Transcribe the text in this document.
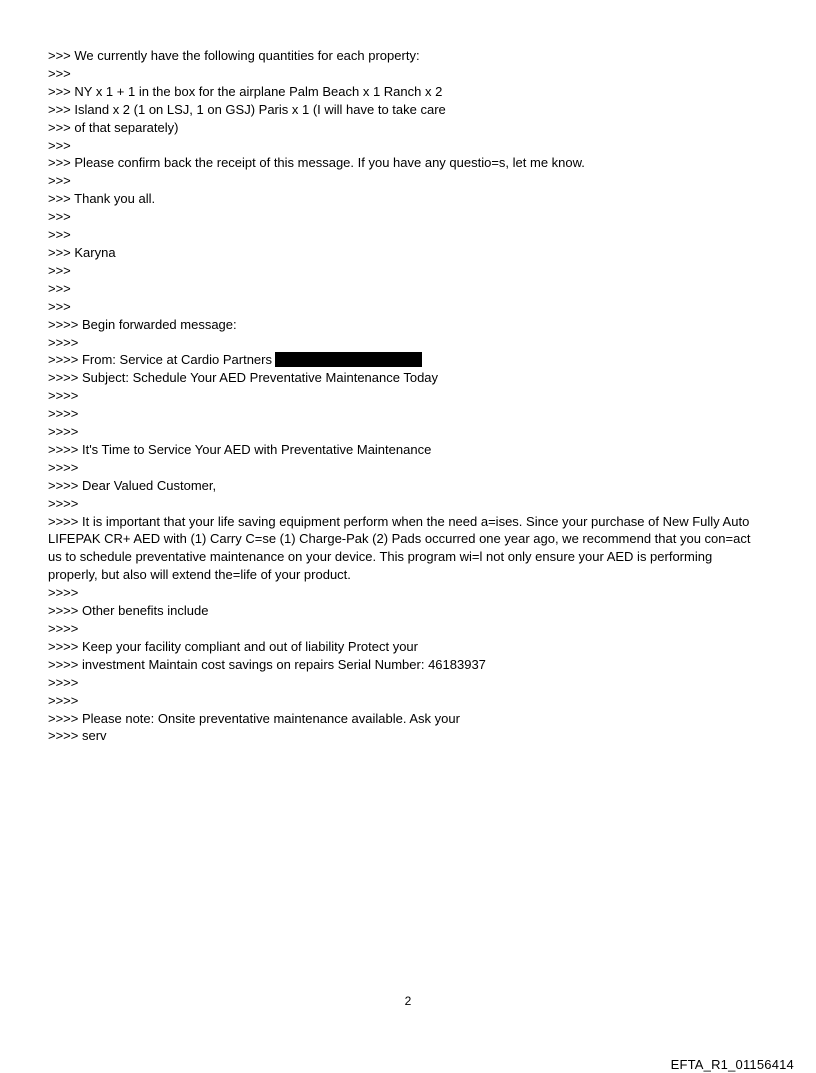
>>> We currently have the following quantities for each property:
>>>
>>> NY x 1 + 1 in the box for the airplane Palm Beach x 1 Ranch x 2
>>> Island x 2 (1 on LSJ, 1 on GSJ) Paris x 1 (I will have to take care
>>> of that separately)
>>>
>>> Please confirm back the receipt of this message. If you have any questio=s, let me know.
>>>
>>> Thank you all.
>>>
>>>
>>> Karyna
>>>
>>>
>>>
>>>> Begin forwarded message:
>>>>
>>>> From: Service at Cardio Partners
>>>> Subject: Schedule Your AED Preventative Maintenance Today
>>>>
>>>>
>>>>
>>>> It's Time to Service Your AED with Preventative Maintenance
>>>>
>>>> Dear Valued Customer,
>>>>
>>>> It is important that your life saving equipment perform when the need a=ises. Since your purchase of New Fully Auto LIFEPAK CR+ AED with (1) Carry C=se (1) Charge-Pak (2) Pads occurred one year ago, we recommend that you con=act us to schedule preventative maintenance on your device. This program wi=l not only ensure your AED is performing properly, but also will extend the=life of your product.
>>>>
>>>> Other benefits include
>>>>
>>>> Keep your facility compliant and out of liability Protect your
>>>> investment Maintain cost savings on repairs Serial Number: 46183937
>>>>
>>>>
>>>> Please note: Onsite preventative maintenance available. Ask your
>>>> serv
2
EFTA_R1_01156414
